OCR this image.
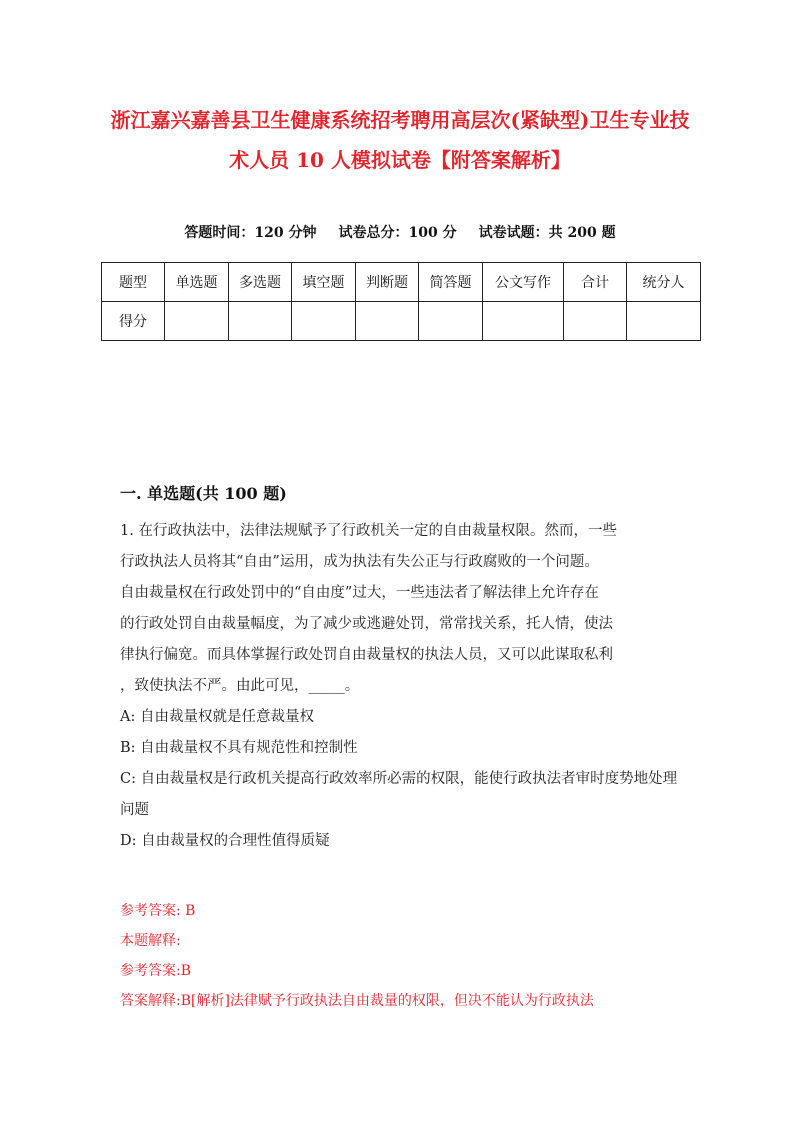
浙江嘉兴嘉善县卫生健康系统招考聘用高层次(紧缺型)卫生专业技

术人员 10 人模拟试卷【附答案解析】

答题时间：120 分钟 试卷总分：100 分 试卷试题：共 200 题
题型	单选题	多选题	填空题	判断题	简答题	公文写作	合计	统分人
得分								
一. 单选题(共 100 题)

1. 在行政执法中，法律法规赋予了行政机关一定的自由裁量权限。然而，一些

行政执法人员将其“自由”运用，成为执法有失公正与行政腐败的一个问题。

自由裁量权在行政处罚中的“自由度”过大，一些违法者了解法律上允许存在

的行政处罚自由裁量幅度，为了减少或逃避处罚，常常找关系，托人情，使法

律执行偏宽。而具体掌握行政处罚自由裁量权的执法人员，又可以此谋取私利

，致使执法不严。由此可见，_____。

A: 自由裁量权就是任意裁量权

B: 自由裁量权不具有规范性和控制性

C: 自由裁量权是行政机关提高行政效率所必需的权限，能使行政执法者审时度势地处理问题

D: 自由裁量权的合理性值得质疑

参考答案: B
本题解释:
参考答案:B
答案解释:B[解析]法律赋予行政执法自由裁量的权限，但决不能认为行政执法
